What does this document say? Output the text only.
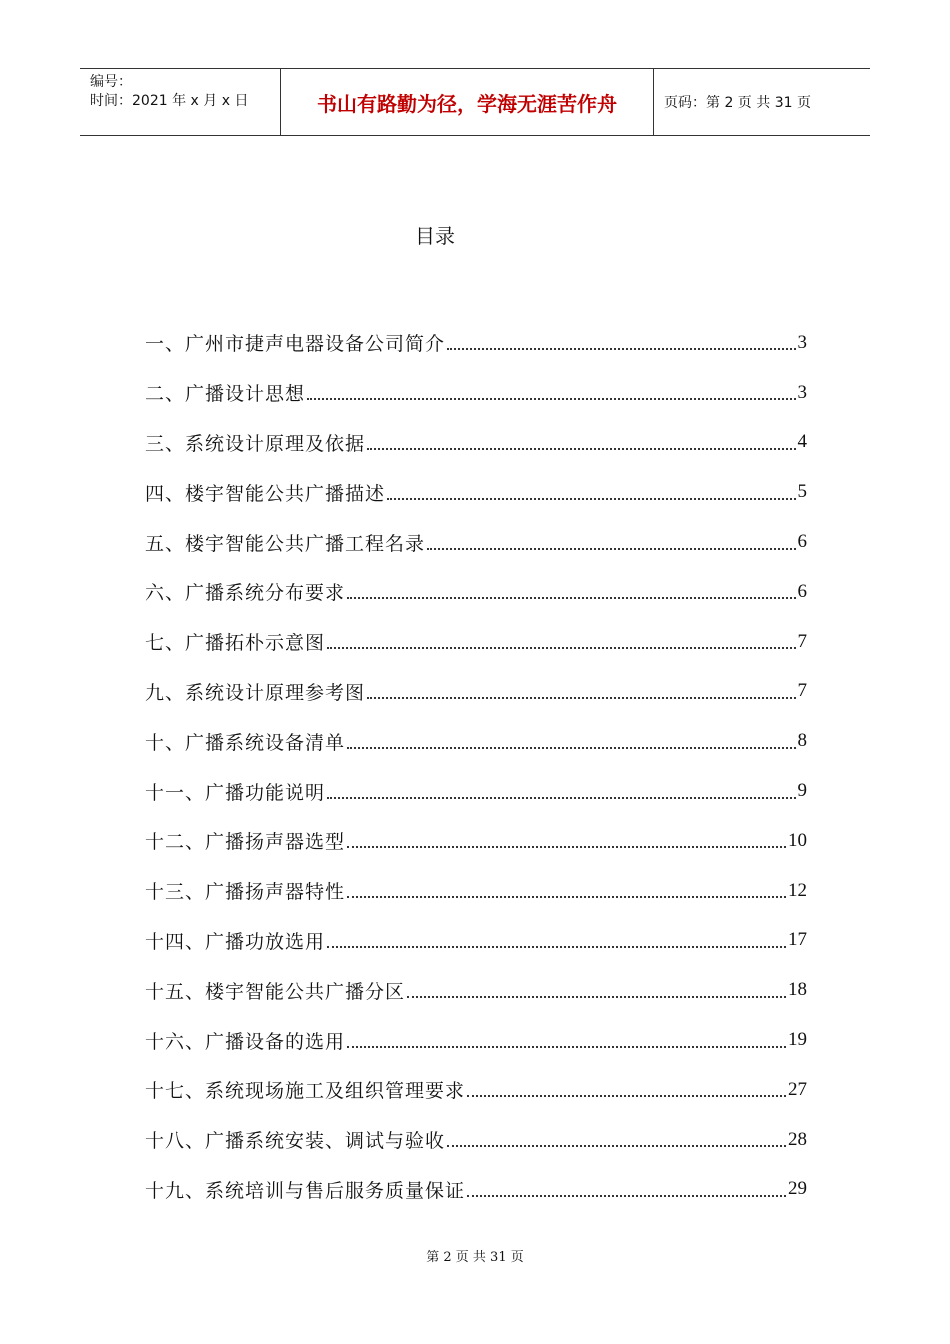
编号：
时间：2021 年 x 月 x 日	书山有路勤为径，学海无涯苦作舟	页码：第 2 页 共 31 页
目录
一、广州市捷声电器设备公司简介	3
二、广播设计思想	3
三、系统设计原理及依据	4
四、楼宇智能公共广播描述	5
五、楼宇智能公共广播工程名录	6
六、广播系统分布要求	6
七、广播拓朴示意图	7
九、系统设计原理参考图	7
十、广播系统设备清单	8
十一、广播功能说明	9
十二、广播扬声器选型	10
十三、广播扬声器特性	12
十四、广播功放选用	17
十五、楼宇智能公共广播分区	18
十六、广播设备的选用	19
十七、系统现场施工及组织管理要求	27
十八、广播系统安装、调试与验收	28
十九、系统培训与售后服务质量保证	29
第 2 页 共 31 页
